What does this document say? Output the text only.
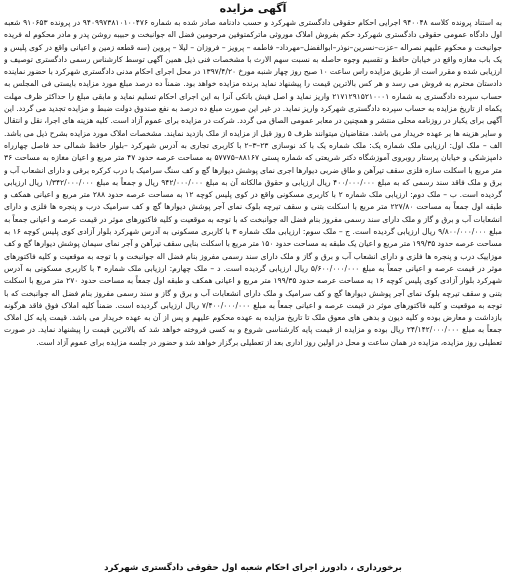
آگهی مزایده

به استناد پرونده کلاسه ۹۴۰۰۴۸ اجرایی احکام حقوقی دادگستری شهرکرد و حسب دادنامه صادر شده به شماره ۹۴۰۹۹۷۳۸۱۰۱۰۰۴۷۶ در پرونده ۹۱۰۶۵۳ شعبه اول دادگاه عمومی حقوقی دادگستری شهرکرد حکم بفروش املاک موروثی ماترکمتوفین مرحومین فضل اله جوانبخت و حبیبه روشن پدر و مادر محکوم له فریده جوانبخت و محکوم علیهم نصراله –عزت–نسرین–نوذر–ابوالفضل–مهرداد– فاطمه – پرویز – فروزان – لیلا – پروین (سه قطعه زمین و اعیانی واقع در کوی پلیس و یک باب مغازه واقع در خیابان حافظ و تقسیم وجوه حاصله به نسبت سهم الارث با مشخصات فنی ذیل همین آگهی توسط کارشناس رسمی دادگستری توصیف و ارزیابی شده و مقرر است از طریق مزایده راس ساعت ۱۰ صبح روز چهار شنبه مورخ ۱۳۹۷/۴/۲۰ در محل اجرای احکام مدنی دادگستری شهرکرد با حضور نماینده دادستان محترم به فروش می رسد و هر کس بالاترین قیمت را پیشنهاد نماید برنده مزایده خواهد بود. ضمناً ده درصد مبلغ مورد مزایده بایستی فی المجلس به حساب سپرده دادگستری به شماره ۲۱۷۱۲۹۱۵۲۱۰۰۰۱ واریز نماید و اصل فیش بانکی آنرا به این اجرای احکام تسلیم نماید و مابقی مبلغ را حداکثر ظرف مهلت یکماه از تاریخ مزایده به حساب سپرده دادگستری شهرکرد واریز نماید. در غیر این صورت مبلغ ده درصد به نفع صندوق دولت ضبط و مزایده تجدید می گردد. این آگهی برای یکبار در روزنامه محلی منتشر و همچنین در معابر عمومی الصاق می گردد. شرکت در مزایده برای عموم آزاد است. کلیه هزینه های اجرا، نقل و انتقال و سایر هزینه ها بر عهده خریدار می باشد. متقاضیان میتوانند ظرف ۵ روز قبل از مزایده از ملک بازدید نمایند. مشخصات املاک مورد مزایده بشرح ذیل می باشد. الف – ملک اول: ارزیابی ملک شماره یک: ملک شماره یک با کد نوسازی ۲۳–۳–۲ با کاربری تجاری به آدرس شهرکرد –بلوار حافظ شمالی حد فاصل چهارراه دامپزشکی و خیابان پرستار روبروی آموزشگاه دکتر شریعتی که شماره پستی ۸۸۱۶۷–۵۷۷۷۵ به مساحت عرصه حدود ۴۷ متر مربع و اعیان مغازه به مساحت ۳۶ متر مربع با اسکلت سازه فلزی سقف تیرآهن و طاق ضربی دیوارها اجری نمای پوشش دیوارها گچ و کف سنگ سرامیک با درب کرکره برقی و دارای انشعاب آب و برق و ملک فاقد سند رسمی که به مبلغ ۴۰۰/۰۰۰/۰۰۰ ریال ارزیابی و حقوق مالکانه آن به مبلغ ۹۴۲/۰۰۰/۰۰۰ ریال و جمعاً به مبلغ ۱/۳۴۲/۰۰۰/۰۰۰ ریال ارزیابی گردیده است. ب – ملک دوم: ارزیابی ملک شماره ۲ با کاربری مسکونی واقع در کوی پلیس کوچه ۱۲ به مساحت عرصه حدود ۲۸۸ متر مربع و اعیانی همکف و طبقه اول جمعاً به مساحت ۲۲۷/۸۰ متر مربع با اسکلت بتنی و سقف تیرچه بلوک نمای آجر پوشش دیوارها گچ و کف سرامیک درب و پنجره ها فلزی و دارای انشعابات آب و برق و گاز و ملک دارای سند رسمی مفروز بنام فضل اله جوانبخت که با توجه به موقعیت و کلیه فاکتورهای موثر در قیمت عرصه و اعیانی جمعاً به مبلغ ۹/۸۰۰/۰۰۰/۰۰۰ ریال ارزیابی گردیده است. ج – ملک سوم: ارزیابی ملک شماره ۳ با کاربری مسکونی به آدرس شهرکرد بلوار آزادی کوی پلیس کوچه ۱۶ به مساحت عرصه حدود ۱۹۹/۳۵ متر مربع و اعیان یک طبقه به مساحت حدود ۱۵۰ متر مربع با اسکلت بنایی سقف تیرآهن و آجر نمای سیمان پوشش دیوارها گچ و کف موزاییک درب و پنجره ها فلزی و دارای انشعاب آب و برق و گاز و ملک دارای سند رسمی مفروز بنام فضل اله جوانبخت و با توجه به موقعیت و کلیه فاکتورهای موثر در قیمت عرصه و اعیانی جمعاً به مبلغ ۵/۶۰۰/۰۰۰/۰۰۰ ریال ارزیابی گردیده است. د – ملک چهارم: ارزیابی ملک شماره ۴ با کاربری مسکونی به آدرس شهرکرد بلوار آزادی کوی پلیس کوچه ۱۶ به مساحت عرصه حدود ۱۹۹/۳۵ متر مربع و اعیانی همکف و طبقه اول جمعاً به مساحت حدود ۲۷۰ متر مربع با اسکلت بتنی و سقف تیرچه بلوک نمای آجر پوشش دیوارها گچ و کف سرامیک و ملک دارای انشعابات آب و برق و گاز و سند رسمی مفروز بنام فضل اله جوانبخت که با توجه به موقعیت و کلیه فاکتورهای موثر در قیمت عرصه و اعیانی جمعاً به مبلغ ۷/۴۰۰/۰۰۰/۰۰۰ ریال ارزیابی گردیده است. ضمناً کلیه املاک فوق فاقد هرگونه بازداشت و معارض بوده و کلیه دیون و بدهی های معوق ملک تا تاریخ مزایده به عهده محکوم علیهم و پس از آن به عهده خریدار می باشد. قیمت پایه کل املاک جمعاً به مبلغ ۲۴/۱۴۲/۰۰۰/۰۰۰ ریال بوده و مزایده از قیمت پایه کارشناسی شروع و به کسی فروخته خواهد شد که بالاترین قیمت را پیشنهاد نماید. در صورت تعطیلی روز مزایده، مزایده در همان ساعت و محل در اولین روز اداری بعد از تعطیلی برگزار خواهد شد و حضور در جلسه مزایده برای عموم آزاد است.

برخورداری ، دادورز اجرای احکام شعبه اول حقوقی دادگستری شهرکرد
